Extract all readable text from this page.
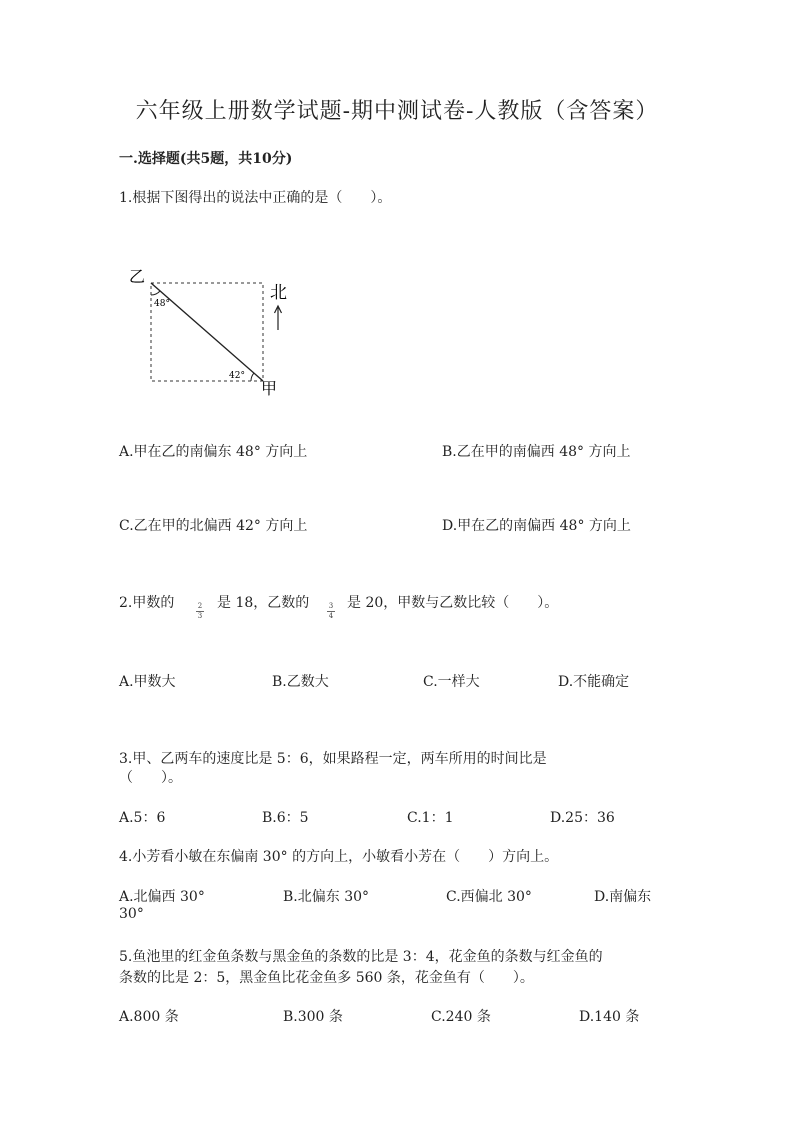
六年级上册数学试题-期中测试卷-人教版（含答案）
一.选择题(共5题，共10分)
1.根据下图得出的说法中正确的是（　　）。
乙
甲
48°
42°
北
A.甲在乙的南偏东 48° 方向上	B.乙在甲的南偏西 48° 方向上
C.乙在甲的北偏西 42° 方向上	D.甲在乙的南偏西 48° 方向上
2.甲数的	2
3
是 18，乙数的	3
4
是 20，甲数与乙数比较（　　）。
A.甲数大	B.乙数大	C.一样大	D.不能确定
3.甲、乙两车的速度比是 5：6，如果路程一定，两车所用的时间比是
（　　）。
A.5：6	B.6：5	C.1：1	D.25：36
4.小芳看小敏在东偏南 30° 的方向上，小敏看小芳在（　　）方向上。
A.北偏西 30°	B.北偏东 30°	C.西偏北 30°	D.南偏东
30°
5.鱼池里的红金鱼条数与黑金鱼的条数的比是 3：4，花金鱼的条数与红金鱼的
条数的比是 2：5，黑金鱼比花金鱼多 560 条，花金鱼有（　　）。
A.800 条	B.300 条	C.240 条	D.140 条
